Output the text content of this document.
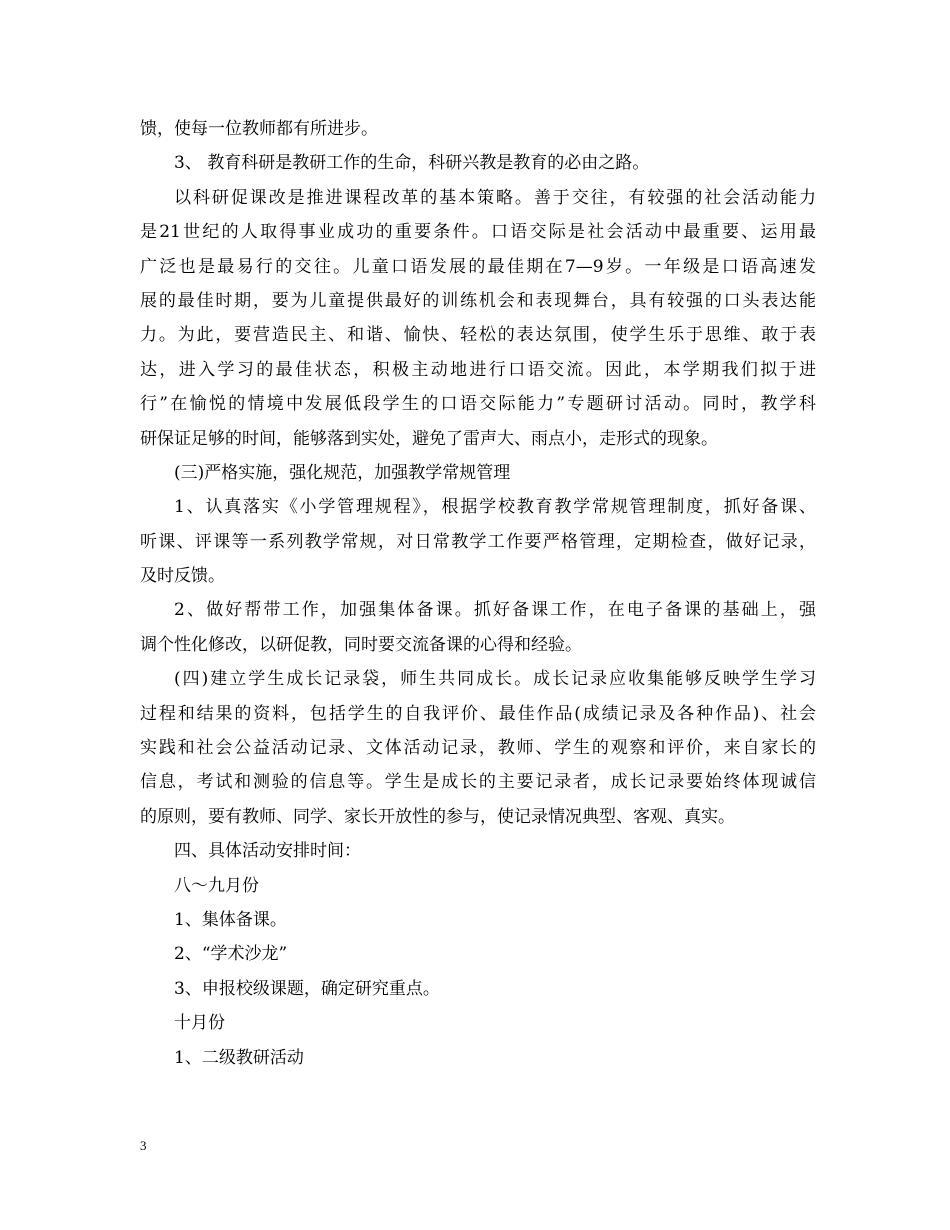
馈，使每一位教师都有所进步。
3、 教育科研是教研工作的生命，科研兴教是教育的必由之路。
以科研促课改是推进课程改革的基本策略。善于交往，有较强的社会活动能力
是21世纪的人取得事业成功的重要条件。口语交际是社会活动中最重要、运用最
广泛也是最易行的交往。儿童口语发展的最佳期在7—9岁。一年级是口语高速发
展的最佳时期，要为儿童提供最好的训练机会和表现舞台，具有较强的口头表达能
力。为此，要营造民主、和谐、愉快、轻松的表达氛围，使学生乐于思维、敢于表
达，进入学习的最佳状态，积极主动地进行口语交流。因此，本学期我们拟于进
行”在愉悦的情境中发展低段学生的口语交际能力”专题研讨活动。同时，教学科
研保证足够的时间，能够落到实处，避免了雷声大、雨点小，走形式的现象。
(三)严格实施，强化规范，加强教学常规管理
1、认真落实《小学管理规程》，根据学校教育教学常规管理制度，抓好备课、
听课、评课等一系列教学常规，对日常教学工作要严格管理，定期检查，做好记录，
及时反馈。
2、做好帮带工作，加强集体备课。抓好备课工作，在电子备课的基础上，强
调个性化修改，以研促教，同时要交流备课的心得和经验。
(四)建立学生成长记录袋，师生共同成长。成长记录应收集能够反映学生学习
过程和结果的资料，包括学生的自我评价、最佳作品(成绩记录及各种作品)、社会
实践和社会公益活动记录、文体活动记录，教师、学生的观察和评价，来自家长的
信息，考试和测验的信息等。学生是成长的主要记录者，成长记录要始终体现诚信
的原则，要有教师、同学、家长开放性的参与，使记录情况典型、客观、真实。
四、具体活动安排时间：
八～九月份
1、集体备课。
2、“学术沙龙”
3、申报校级课题，确定研究重点。
十月份
1、二级教研活动
3
